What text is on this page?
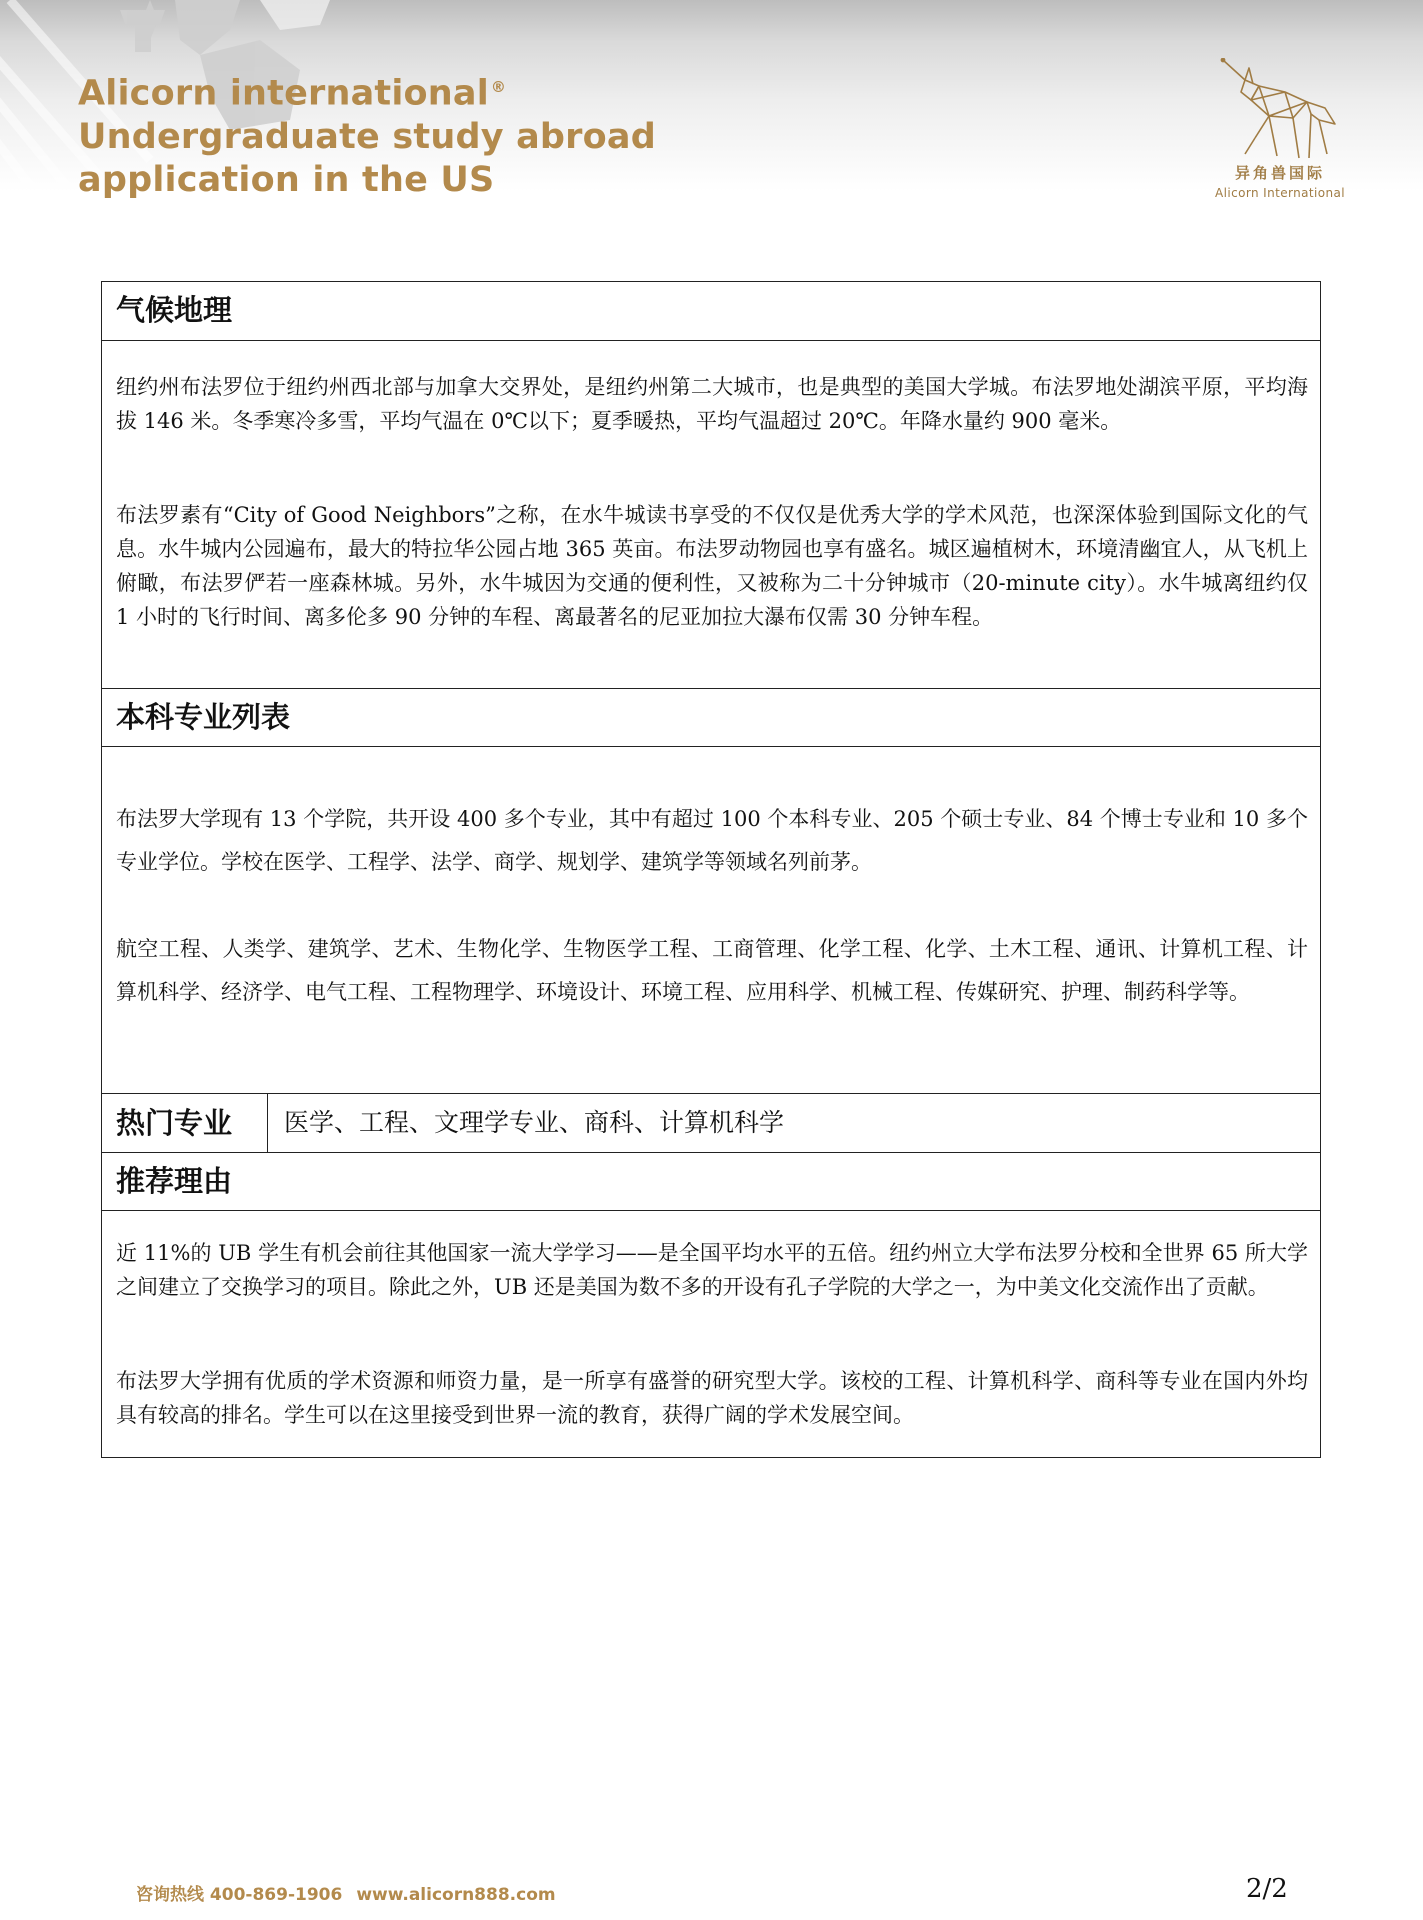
Alicorn international ®
Undergraduate study abroad
application in the US	异角兽国际
Alicorn International
气候地理
纽约州布法罗位于纽约州西北部与加拿大交界处，是纽约州第二大城市，也是典型的美国大学城。布法罗地处湖滨平原，平均海拔 146 米。冬季寒冷多雪，平均气温在 0℃以下；夏季暖热，平均气温超过 20℃。年降水量约 900 毫米。
布法罗素有“City of Good Neighbors”之称，在水牛城读书享受的不仅仅是优秀大学的学术风范，也深深体验到国际文化的气息。水牛城内公园遍布，最大的特拉华公园占地 365 英亩。布法罗动物园也享有盛名。城区遍植树木，环境清幽宜人，从飞机上俯瞰，布法罗俨若一座森林城。另外，水牛城因为交通的便利性，又被称为二十分钟城市（20-minute city）。水牛城离纽约仅 1 小时的飞行时间、离多伦多 90 分钟的车程、离最著名的尼亚加拉大瀑布仅需 30 分钟车程。
本科专业列表
布法罗大学现有 13 个学院，共开设 400 多个专业，其中有超过 100 个本科专业、205 个硕士专业、84 个博士专业和 10 多个专业学位。学校在医学、工程学、法学、商学、规划学、建筑学等领域名列前茅。
航空工程、人类学、建筑学、艺术、生物化学、生物医学工程、工商管理、化学工程、化学、土木工程、通讯、计算机工程、计算机科学、经济学、电气工程、工程物理学、环境设计、环境工程、应用科学、机械工程、传媒研究、护理、制药科学等。
热门专业 医学、工程、文理学专业、商科、计算机科学
推荐理由
近 11%的 UB 学生有机会前往其他国家一流大学学习——是全国平均水平的五倍。纽约州立大学布法罗分校和全世界 65 所大学之间建立了交换学习的项目。除此之外，UB 还是美国为数不多的开设有孔子学院的大学之一，为中美文化交流作出了贡献。
布法罗大学拥有优质的学术资源和师资力量，是一所享有盛誉的研究型大学。该校的工程、计算机科学、商科等专业在国内外均具有较高的排名。学生可以在这里接受到世界一流的教育，获得广阔的学术发展空间。
咨询热线 400-869-1906 www.alicorn888.com	2/2
